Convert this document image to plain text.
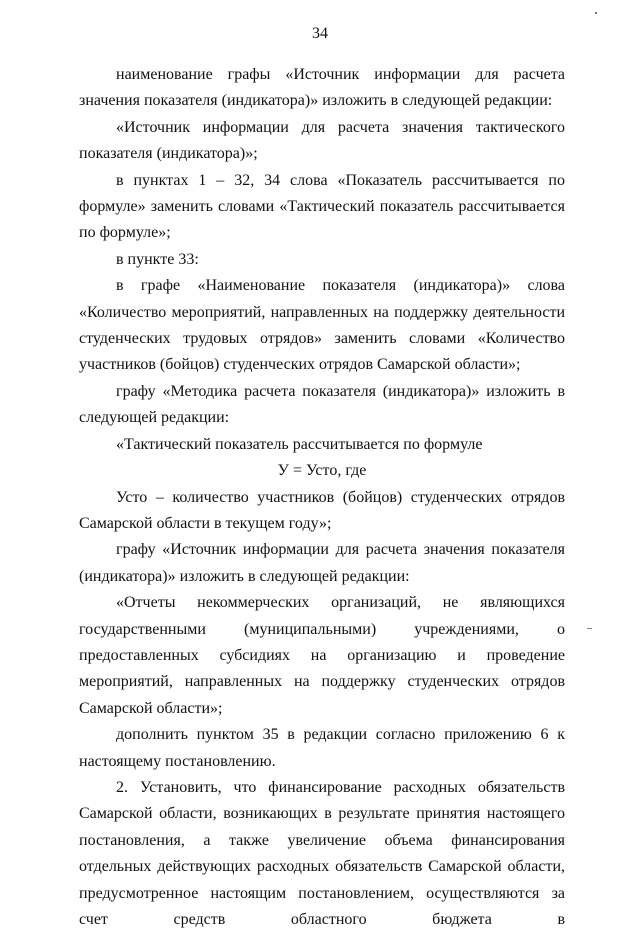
34

наименование графы «Источник информации для расчета значения показателя (индикатора)» изложить в следующей редакции:

«Источник информации для расчета значения тактического показателя (индикатора)»;

в пунктах 1 – 32, 34 слова «Показатель рассчитывается по формуле» заменить словами «Тактический показатель рассчитывается по формуле»;

в пункте 33:

в графе «Наименование показателя (индикатора)» слова «Количество мероприятий, направленных на поддержку деятельности студенческих трудовых отрядов» заменить словами «Количество участников (бойцов) студенческих отрядов Самарской области»;

графу «Методика расчета показателя (индикатора)» изложить в следующей редакции:

«Тактический показатель рассчитывается по формуле

У = Усто, где

Усто – количество участников (бойцов) студенческих отрядов Самарской области в текущем году»;

графу «Источник информации для расчета значения показателя (индикатора)» изложить в следующей редакции:

«Отчеты некоммерческих организаций, не являющихся государственными (муниципальными) учреждениями, о предоставленных субсидиях на организацию и проведение мероприятий, направленных на поддержку студенческих отрядов Самарской области»;

дополнить пунктом 35 в редакции согласно приложению 6 к настоящему постановлению.

2. Установить, что финансирование расходных обязательств Самарской области, возникающих в результате принятия настоящего постановления, а также увеличение объема финансирования отдельных действующих расходных обязательств Самарской области, предусмотренное настоящим постановлением, осуществляются за счет средств областного бюджета в
